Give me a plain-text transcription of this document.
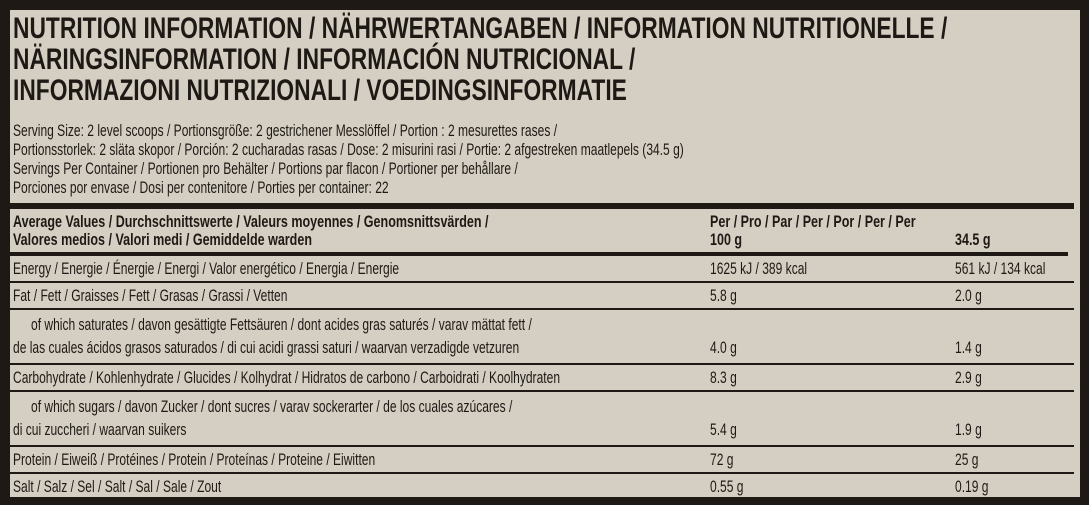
NUTRITION INFORMATION / NÄHRWERTANGABEN / INFORMATION NUTRITIONELLE /
NÄRINGSINFORMATION / INFORMACIÓN NUTRICIONAL /
INFORMAZIONI NUTRIZIONALI / VOEDINGSINFORMATIE
Serving Size: 2 level scoops / Portionsgröße: 2 gestrichener Messlöffel / Portion : 2 mesurettes rases /
Portionsstorlek: 2 släta skopor / Porción: 2 cucharadas rasas / Dose: 2 misurini rasi / Portie: 2 afgestreken maatlepels (34.5 g)
Servings Per Container / Portionen pro Behälter / Portions par flacon / Portioner per behållare /
Porciones por envase / Dosi per contenitore / Porties per container: 22
Average Values / Durchschnittswerte / Valeurs moyennes / Genomsnittsvärden /
Valores medios / Valori medi / Gemiddelde warden
Per / Pro / Par / Per / Por / Per / Per
100 g	34.5 g
Energy / Energie / Énergie / Energi / Valor energético / Energia / Energie	1625 kJ / 389 kcal	561 kJ / 134 kcal
Fat / Fett / Graisses / Fett / Grasas / Grassi / Vetten	5.8 g	2.0 g
of which saturates / davon gesättigte Fettsäuren / dont acides gras saturés / varav mättat fett /
de las cuales ácidos grasos saturados / di cui acidi grassi saturi / waarvan verzadigde vetzuren	4.0 g	1.4 g
Carbohydrate / Kohlenhydrate / Glucides / Kolhydrat / Hidratos de carbono / Carboidrati / Koolhydraten	8.3 g	2.9 g
of which sugars / davon Zucker / dont sucres / varav sockerarter / de los cuales azúcares /
di cui zuccheri / waarvan suikers	5.4 g	1.9 g
Protein / Eiweiß / Protéines / Protein / Proteínas / Proteine / Eiwitten	72 g	25 g
Salt / Salz / Sel / Salt / Sal / Sale / Zout	0.55 g	0.19 g
